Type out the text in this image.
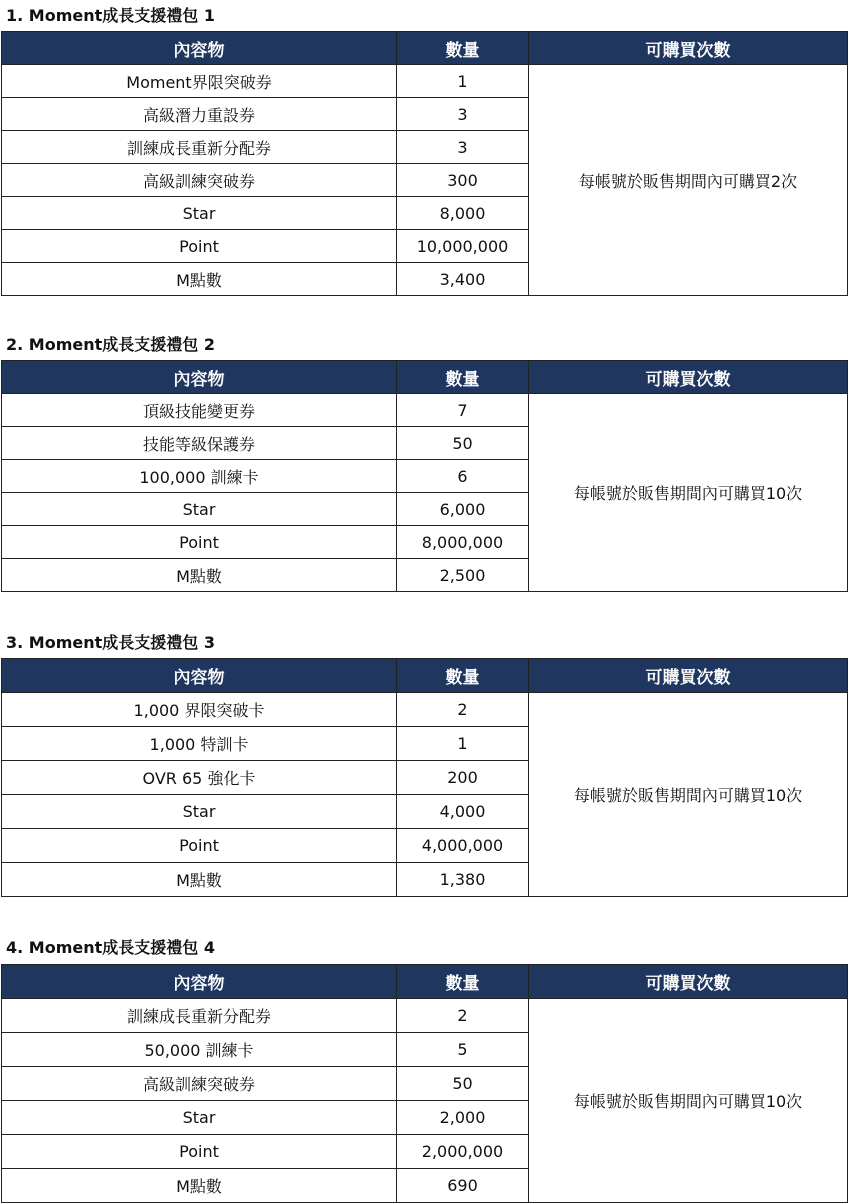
1. Moment成長支援禮包 1
內容物	數量	可購買次數
Moment界限突破券	1	每帳號於販售期間內可購買2次
高級潛力重設券	3	
訓練成長重新分配券	3	
高級訓練突破券	300	
Star	8,000	
Point	10,000,000	
M點數	3,400	
2. Moment成長支援禮包 2
內容物	數量	可購買次數
頂級技能變更券	7	每帳號於販售期間內可購買10次
技能等級保護券	50	
100,000 訓練卡	6	
Star	6,000	
Point	8,000,000	
M點數	2,500	
3. Moment成長支援禮包 3
內容物	數量	可購買次數
1,000 界限突破卡	2	每帳號於販售期間內可購買10次
1,000 特訓卡	1	
OVR 65 強化卡	200	
Star	4,000	
Point	4,000,000	
M點數	1,380	
4. Moment成長支援禮包 4
內容物	數量	可購買次數
訓練成長重新分配券	2	每帳號於販售期間內可購買10次
50,000 訓練卡	5	
高級訓練突破券	50	
Star	2,000	
Point	2,000,000	
M點數	690	
